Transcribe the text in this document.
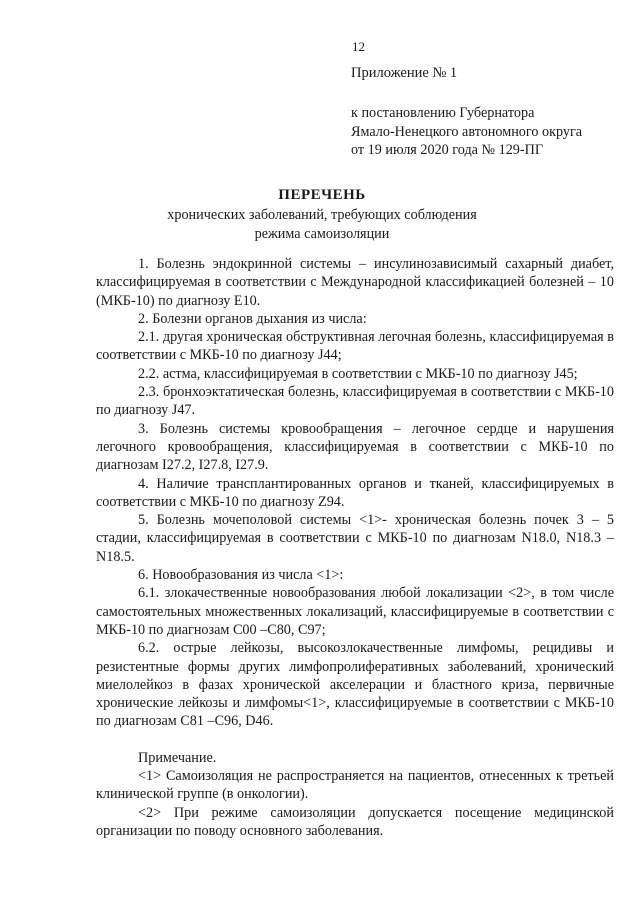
12
Приложение № 1
к постановлению Губернатора
Ямало-Ненецкого автономного округа
от 19 июля 2020 года № 129-ПГ
ПЕРЕЧЕНЬ
хронических заболеваний, требующих соблюдения
режима самоизоляции

1. Болезнь эндокринной системы – инсулинозависимый сахарный диабет, классифицируемая в соответствии с Международной классификацией болезней – 10 (МКБ-10) по диагнозу Е10.

2. Болезни органов дыхания из числа:

2.1. другая хроническая обструктивная легочная болезнь, классифицируемая в соответствии с МКБ-10 по диагнозу J44;

2.2. астма, классифицируемая в соответствии с МКБ-10 по диагнозу J45;

2.3. бронхоэктатическая болезнь, классифицируемая в соответствии с МКБ-10 по диагнозу J47.

3. Болезнь системы кровообращения – легочное сердце и нарушения легочного кровообращения, классифицируемая в соответствии с МКБ-10 по диагнозам I27.2, I27.8, I27.9.

4. Наличие трансплантированных органов и тканей, классифицируемых в соответствии с МКБ-10 по диагнозу Z94.

5. Болезнь мочеполовой системы <1>- хроническая болезнь почек 3 – 5 стадии, классифицируемая в соответствии с МКБ-10 по диагнозам N18.0, N18.3 –N18.5.

6. Новообразования из числа <1>:

6.1. злокачественные новообразования любой локализации <2>, в том числе самостоятельных множественных локализаций, классифицируемые в соответствии с МКБ-10 по диагнозам С00 –С80, С97;

6.2. острые лейкозы, высокозлокачественные лимфомы, рецидивы и резистентные формы других лимфопролиферативных заболеваний, хронический миелолейкоз в фазах хронической акселерации и бластного криза, первичные хронические лейкозы и лимфомы<1>, классифицируемые в соответствии с МКБ-10 по диагнозам С81 –С96, D46.

Примечание.

<1> Самоизоляция не распространяется на пациентов, отнесенных к третьей клинической группе (в онкологии).

<2> При режиме самоизоляции допускается посещение медицинской организации по поводу основного заболевания.
